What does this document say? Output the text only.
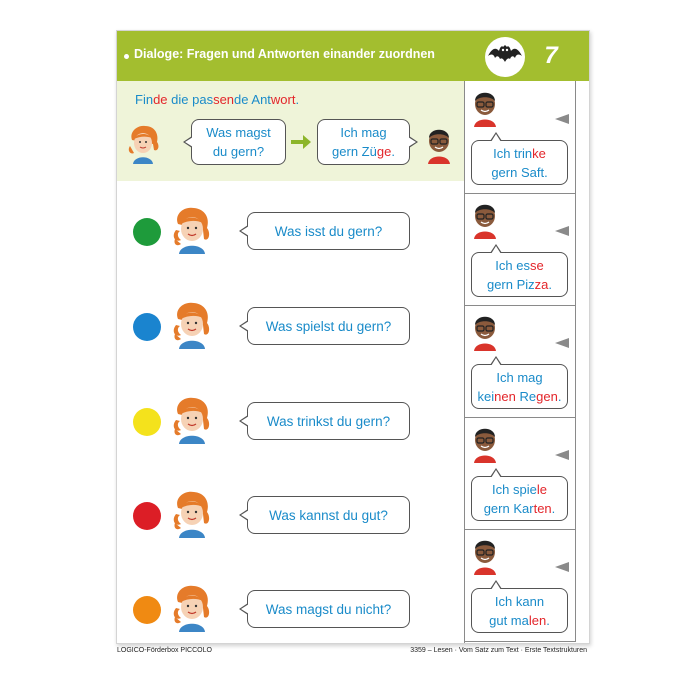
Dialoge: Fragen und Antworten einander zuordnen	7
Finde die passende Antwort.
Was magst
du gern?
Ich mag
gern Züge.
Was isst du gern?
Was spielst du gern?
Was trinkst du gern?
Was kannst du gut?
Was magst du nicht?
Ich trinke
gern Saft.
Ich esse
gern Pizza.
Ich mag
keinen Regen.
Ich spiele
gern Karten.
Ich kann
gut malen.
LOGICO-Förderbox PICCOLO	3359 – Lesen · Vom Satz zum Text · Erste Textstrukturen
